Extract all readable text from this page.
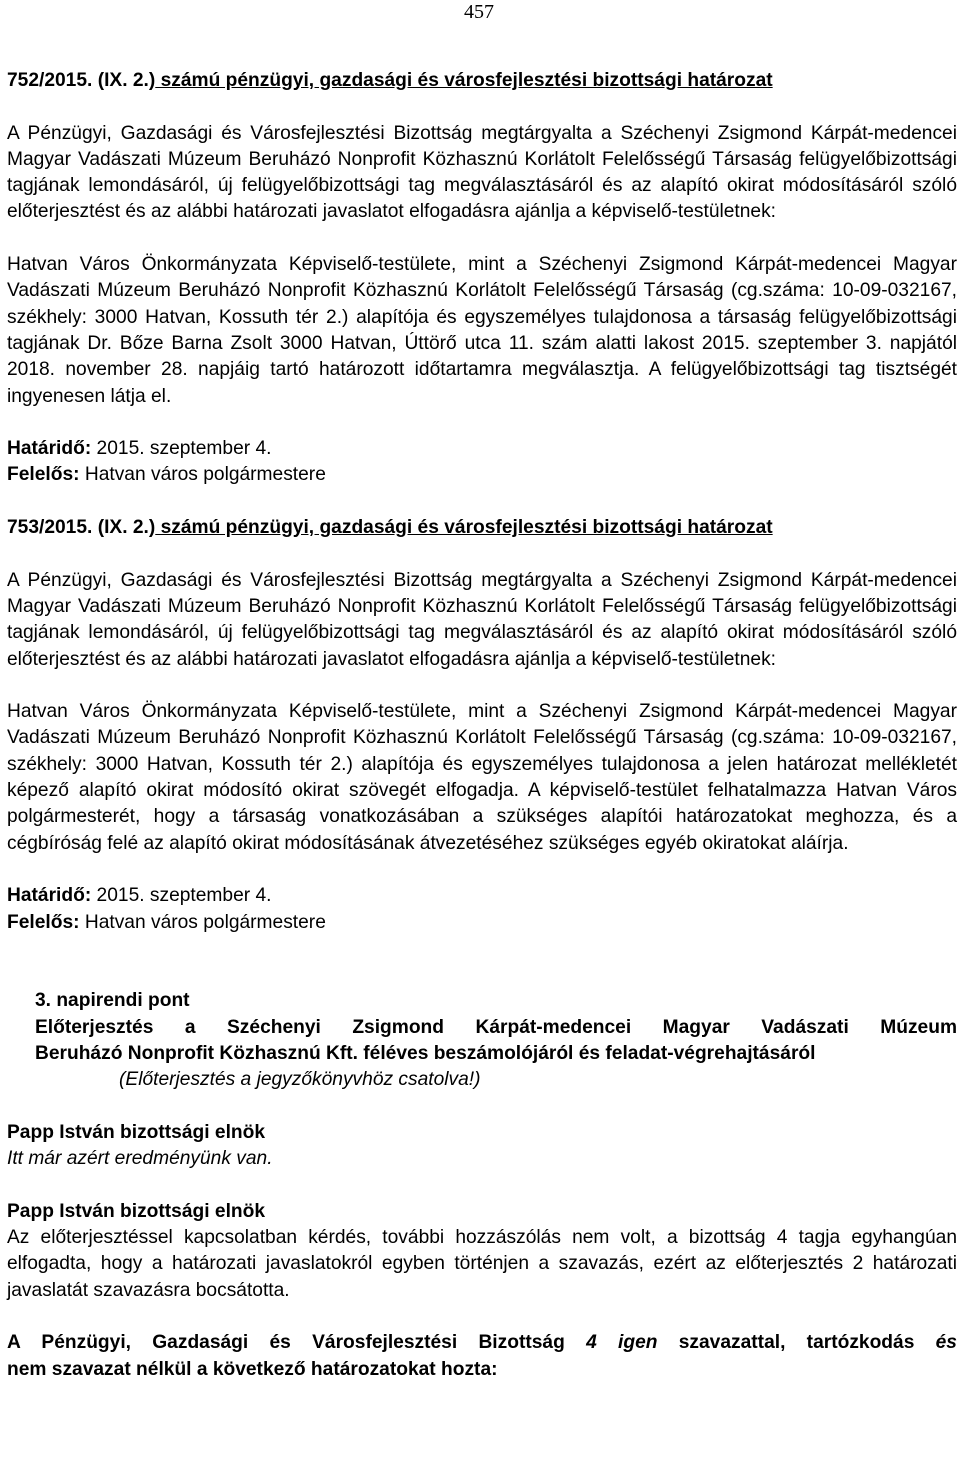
457

752/2015. (IX. 2.) számú pénzügyi, gazdasági és városfejlesztési bizottsági határozat

A Pénzügyi, Gazdasági és Városfejlesztési Bizottság megtárgyalta a Széchenyi Zsigmond Kárpát-medencei Magyar Vadászati Múzeum Beruházó Nonprofit Közhasznú Korlátolt Felelősségű Társaság felügyelőbizottsági tagjának lemondásáról, új felügyelőbizottsági tag megválasztásáról és az alapító okirat módosításáról szóló előterjesztést és az alábbi határozati javaslatot elfogadásra ajánlja a képviselő-testületnek:

Hatvan Város Önkormányzata Képviselő-testülete, mint a Széchenyi Zsigmond Kárpát-medencei Magyar Vadászati Múzeum Beruházó Nonprofit Közhasznú Korlátolt Felelősségű Társaság (cg.száma: 10-09-032167, székhely: 3000 Hatvan, Kossuth tér 2.) alapítója és egyszemélyes tulajdonosa a társaság felügyelőbizottsági tagjának Dr. Bőze Barna Zsolt 3000 Hatvan, Úttörő utca 11. szám alatti lakost 2015. szeptember 3. napjától 2018. november 28. napjáig tartó határozott időtartamra megválasztja. A felügyelőbizottsági tag tisztségét ingyenesen látja el.

Határidő: 2015. szeptember 4.

Felelős: Hatvan város polgármestere

753/2015. (IX. 2.) számú pénzügyi, gazdasági és városfejlesztési bizottsági határozat

A Pénzügyi, Gazdasági és Városfejlesztési Bizottság megtárgyalta a Széchenyi Zsigmond Kárpát-medencei Magyar Vadászati Múzeum Beruházó Nonprofit Közhasznú Korlátolt Felelősségű Társaság felügyelőbizottsági tagjának lemondásáról, új felügyelőbizottsági tag megválasztásáról és az alapító okirat módosításáról szóló előterjesztést és az alábbi határozati javaslatot elfogadásra ajánlja a képviselő-testületnek:

Hatvan Város Önkormányzata Képviselő-testülete, mint a Széchenyi Zsigmond Kárpát-medencei Magyar Vadászati Múzeum Beruházó Nonprofit Közhasznú Korlátolt Felelősségű Társaság (cg.száma: 10-09-032167, székhely: 3000 Hatvan, Kossuth tér 2.) alapítója és egyszemélyes tulajdonosa a jelen határozat mellékletét képező alapító okirat módosító okirat szövegét elfogadja. A képviselő-testület felhatalmazza Hatvan Város polgármesterét, hogy a társaság vonatkozásában a szükséges alapítói határozatokat meghozza, és a cégbíróság felé az alapító okirat módosításának átvezetéséhez szükséges egyéb okiratokat aláírja.

Határidő: 2015. szeptember 4.

Felelős: Hatvan város polgármestere

3. napirendi pont

Előterjesztés a Széchenyi Zsigmond Kárpát-medencei Magyar Vadászati Múzeum

Beruházó Nonprofit Közhasznú Kft. féléves beszámolójáról és feladat-végrehajtásáról

(Előterjesztés a jegyzőkönyvhöz csatolva!)

Papp István bizottsági elnök

Itt már azért eredményünk van.

Papp István bizottsági elnök

Az előterjesztéssel kapcsolatban kérdés, további hozzászólás nem volt, a bizottság 4 tagja egyhangúan elfogadta, hogy a határozati javaslatokról egyben történjen a szavazás, ezért az előterjesztés 2 határozati javaslatát szavazásra bocsátotta.

A Pénzügyi, Gazdasági és Városfejlesztési Bizottság 4 igen szavazattal, tartózkodás és

nem szavazat nélkül a következő határozatokat hozta:
